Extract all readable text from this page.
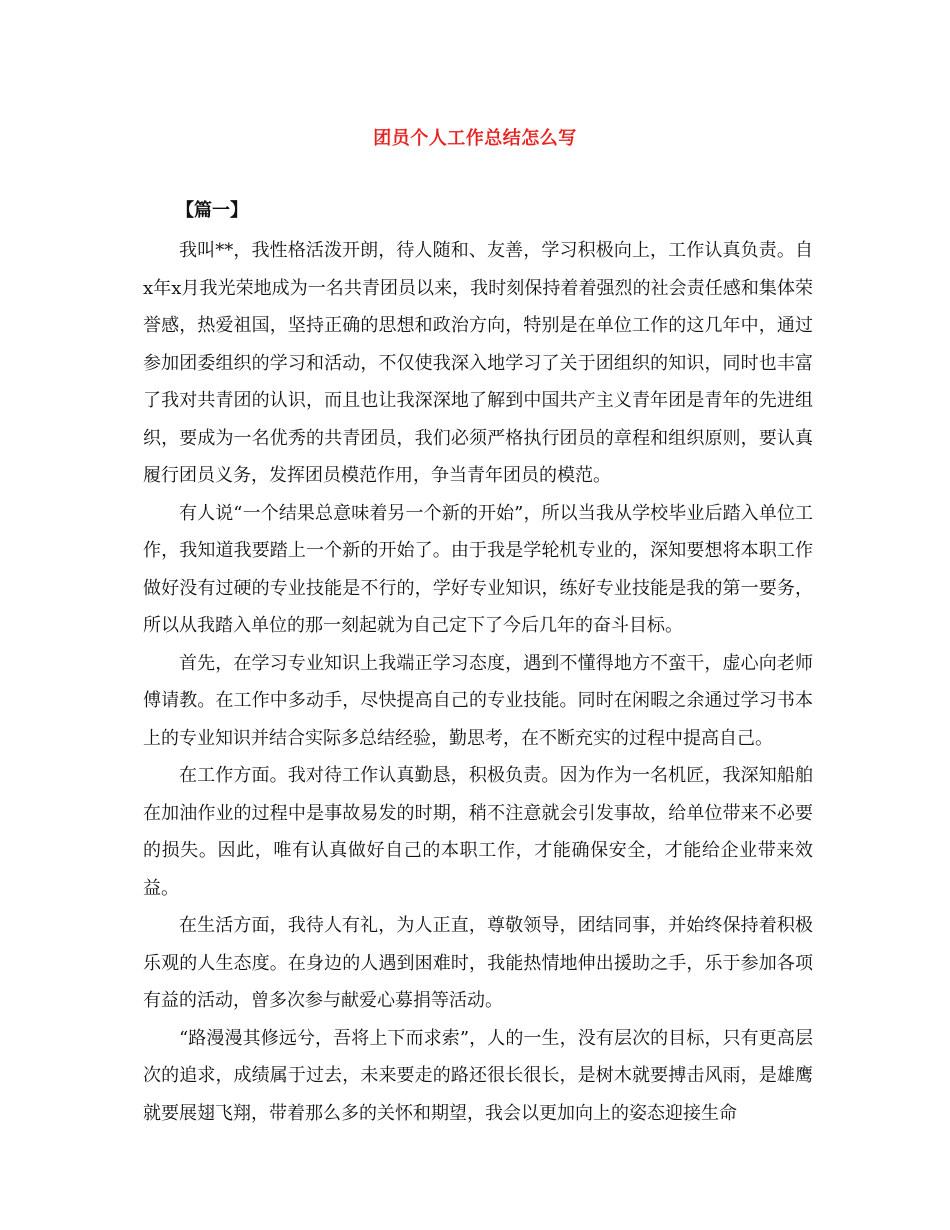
团员个人工作总结怎么写
【篇一】

我叫**，我性格活泼开朗，待人随和、友善，学习积极向上，工作认真负责。自x年x月我光荣地成为一名共青团员以来，我时刻保持着着强烈的社会责任感和集体荣誉感，热爱祖国，坚持正确的思想和政治方向，特别是在单位工作的这几年中，通过参加团委组织的学习和活动，不仅使我深入地学习了关于团组织的知识，同时也丰富了我对共青团的认识，而且也让我深深地了解到中国共产主义青年团是青年的先进组织，要成为一名优秀的共青团员，我们必须严格执行团员的章程和组织原则，要认真履行团员义务，发挥团员模范作用，争当青年团员的模范。

有人说“一个结果总意味着另一个新的开始”，所以当我从学校毕业后踏入单位工作，我知道我要踏上一个新的开始了。由于我是学轮机专业的，深知要想将本职工作做好没有过硬的专业技能是不行的，学好专业知识，练好专业技能是我的第一要务，所以从我踏入单位的那一刻起就为自己定下了今后几年的奋斗目标。

首先，在学习专业知识上我端正学习态度，遇到不懂得地方不蛮干，虚心向老师傅请教。在工作中多动手，尽快提高自己的专业技能。同时在闲暇之余通过学习书本上的专业知识并结合实际多总结经验，勤思考，在不断充实的过程中提高自己。

在工作方面。我对待工作认真勤恳，积极负责。因为作为一名机匠，我深知船舶在加油作业的过程中是事故易发的时期，稍不注意就会引发事故，给单位带来不必要的损失。因此，唯有认真做好自己的本职工作，才能确保安全，才能给企业带来效益。

在生活方面，我待人有礼，为人正直，尊敬领导，团结同事，并始终保持着积极乐观的人生态度。在身边的人遇到困难时，我能热情地伸出援助之手，乐于参加各项有益的活动，曾多次参与献爱心募捐等活动。

“路漫漫其修远兮，吾将上下而求索”，人的一生，没有层次的目标，只有更高层次的追求，成绩属于过去，未来要走的路还很长很长，是树木就要搏击风雨，是雄鹰就要展翅飞翔，带着那么多的关怀和期望，我会以更加向上的姿态迎接生命
